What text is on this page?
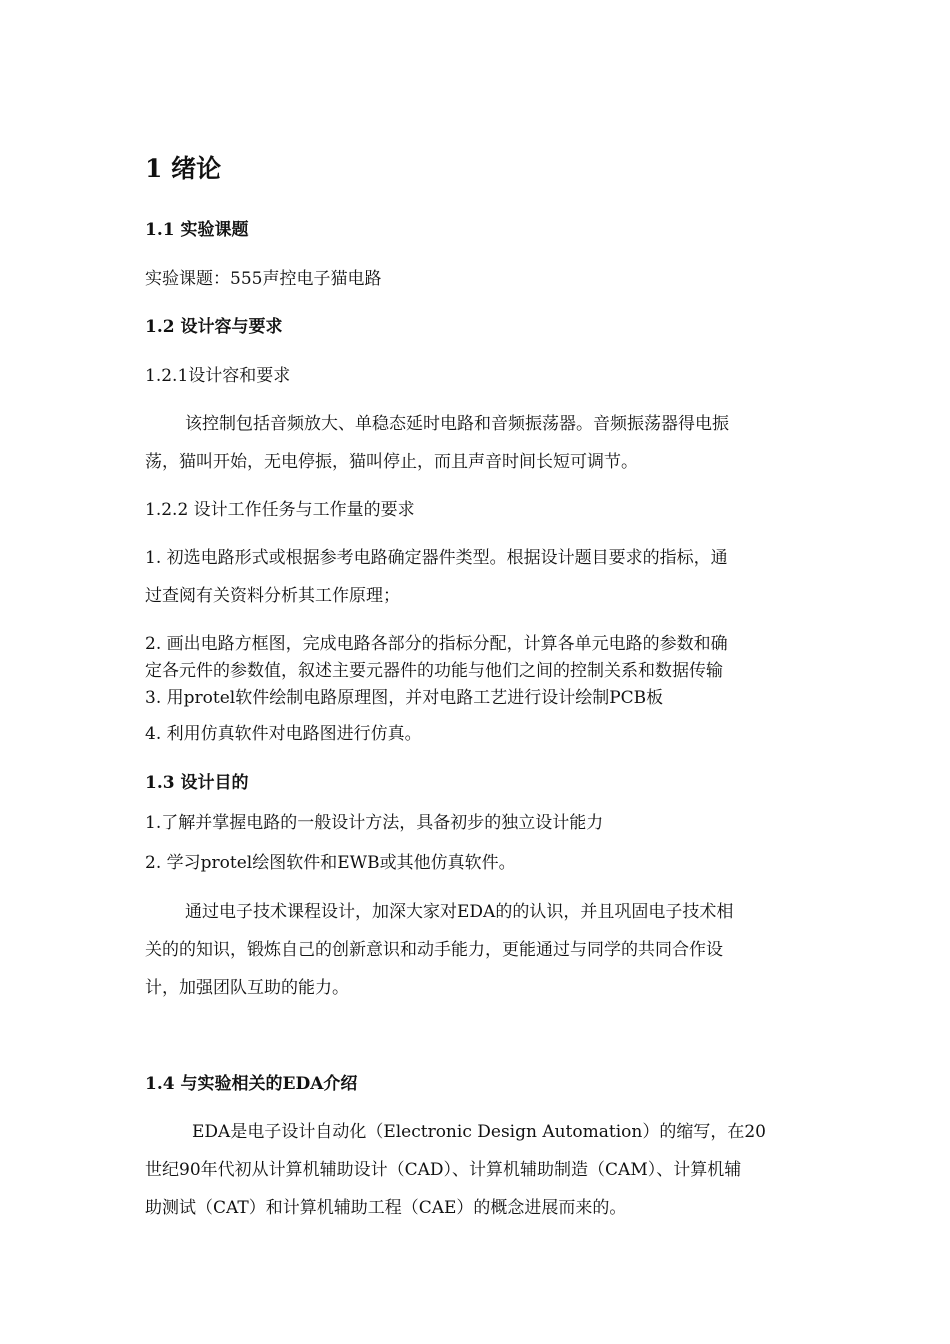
1 绪论
1.1 实验课题
实验课题：555声控电子猫电路
1.2 设计容与要求
1.2.1设计容和要求
该控制包括音频放大、单稳态延时电路和音频振荡器。音频振荡器得电振
荡，猫叫开始，无电停振，猫叫停止，而且声音时间长短可调节。
1.2.2 设计工作任务与工作量的要求
1. 初选电路形式或根据参考电路确定器件类型。根据设计题目要求的指标，通
过查阅有关资料分析其工作原理；
2. 画出电路方框图，完成电路各部分的指标分配，计算各单元电路的参数和确
定各元件的参数值，叙述主要元器件的功能与他们之间的控制关系和数据传输
3. 用protel软件绘制电路原理图，并对电路工艺进行设计绘制PCB板
4. 利用仿真软件对电路图进行仿真。
1.3 设计目的
1.了解并掌握电路的一般设计方法，具备初步的独立设计能力
2. 学习protel绘图软件和EWB或其他仿真软件。
通过电子技术课程设计，加深大家对EDA的的认识，并且巩固电子技术相
关的的知识，锻炼自己的创新意识和动手能力，更能通过与同学的共同合作设
计，加强团队互助的能力。
1.4 与实验相关的EDA介绍
EDA是电子设计自动化（Electronic Design Automation）的缩写，在20
世纪90年代初从计算机辅助设计（CAD）、计算机辅助制造（CAM）、计算机辅
助测试（CAT）和计算机辅助工程（CAE）的概念进展而来的。
